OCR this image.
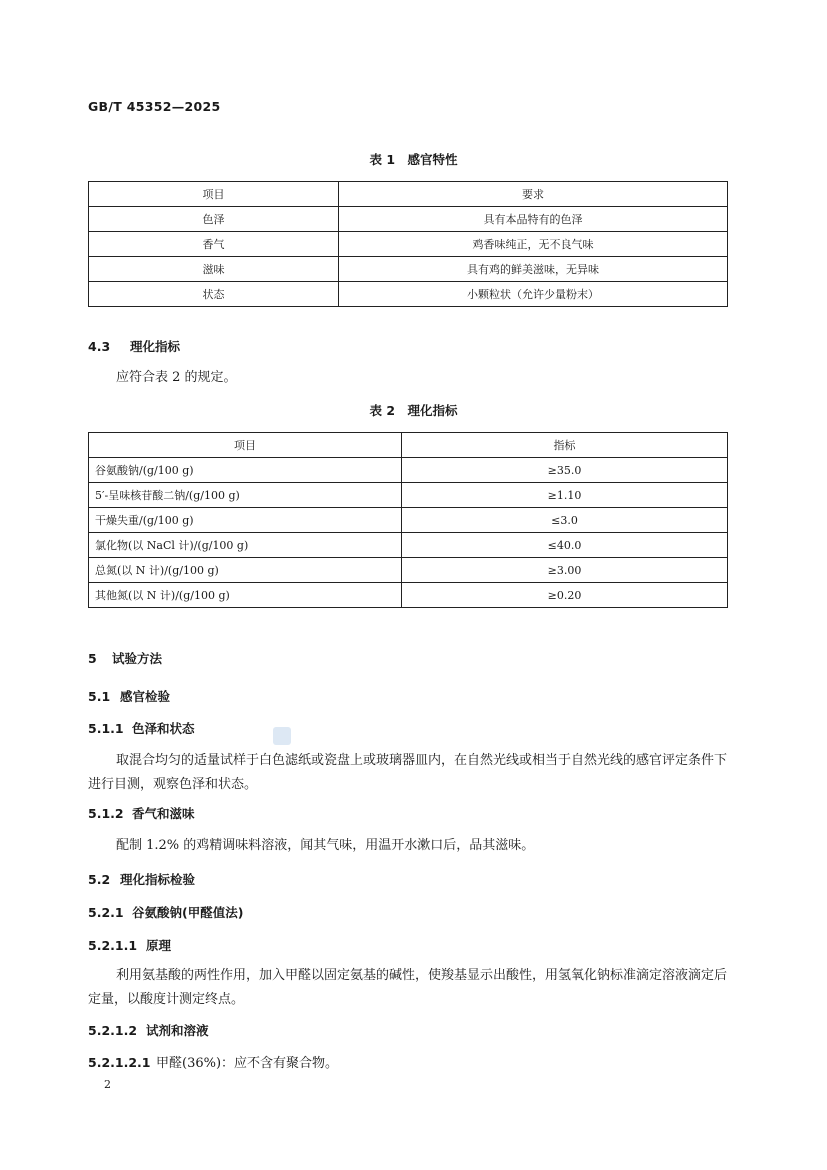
GB/T 45352—2025
表 1　感官特性
项目	要求
色泽	具有本品特有的色泽
香气	鸡香味纯正，无不良气味
滋味	具有鸡的鲜美滋味，无异味
状态	小颗粒状（允许少量粉末）
4.3 理化指标
应符合表 2 的规定。
表 2　理化指标
项目	指标
谷氨酸钠/(g/100 g)	≥35.0
5′-呈味核苷酸二钠/(g/100 g)	≥1.10
干燥失重/(g/100 g)	≤3.0
氯化物(以 NaCl 计)/(g/100 g)	≤40.0
总氮(以 N 计)/(g/100 g)	≥3.00
其他氮(以 N 计)/(g/100 g)	≥0.20
5 试验方法
5.1 感官检验
5.1.1 色泽和状态
取混合均匀的适量试样于白色滤纸或瓷盘上或玻璃器皿内，在自然光线或相当于自然光线的感官评定条件下进行目测，观察色泽和状态。
5.1.2 香气和滋味
配制 1.2% 的鸡精调味料溶液，闻其气味，用温开水漱口后，品其滋味。
5.2 理化指标检验
5.2.1 谷氨酸钠(甲醛值法)
5.2.1.1 原理
利用氨基酸的两性作用，加入甲醛以固定氨基的碱性，使羧基显示出酸性，用氢氧化钠标准滴定溶液滴定后定量，以酸度计测定终点。
5.2.1.2 试剂和溶液
5.2.1.2.1 甲醛(36%)：应不含有聚合物。
2
